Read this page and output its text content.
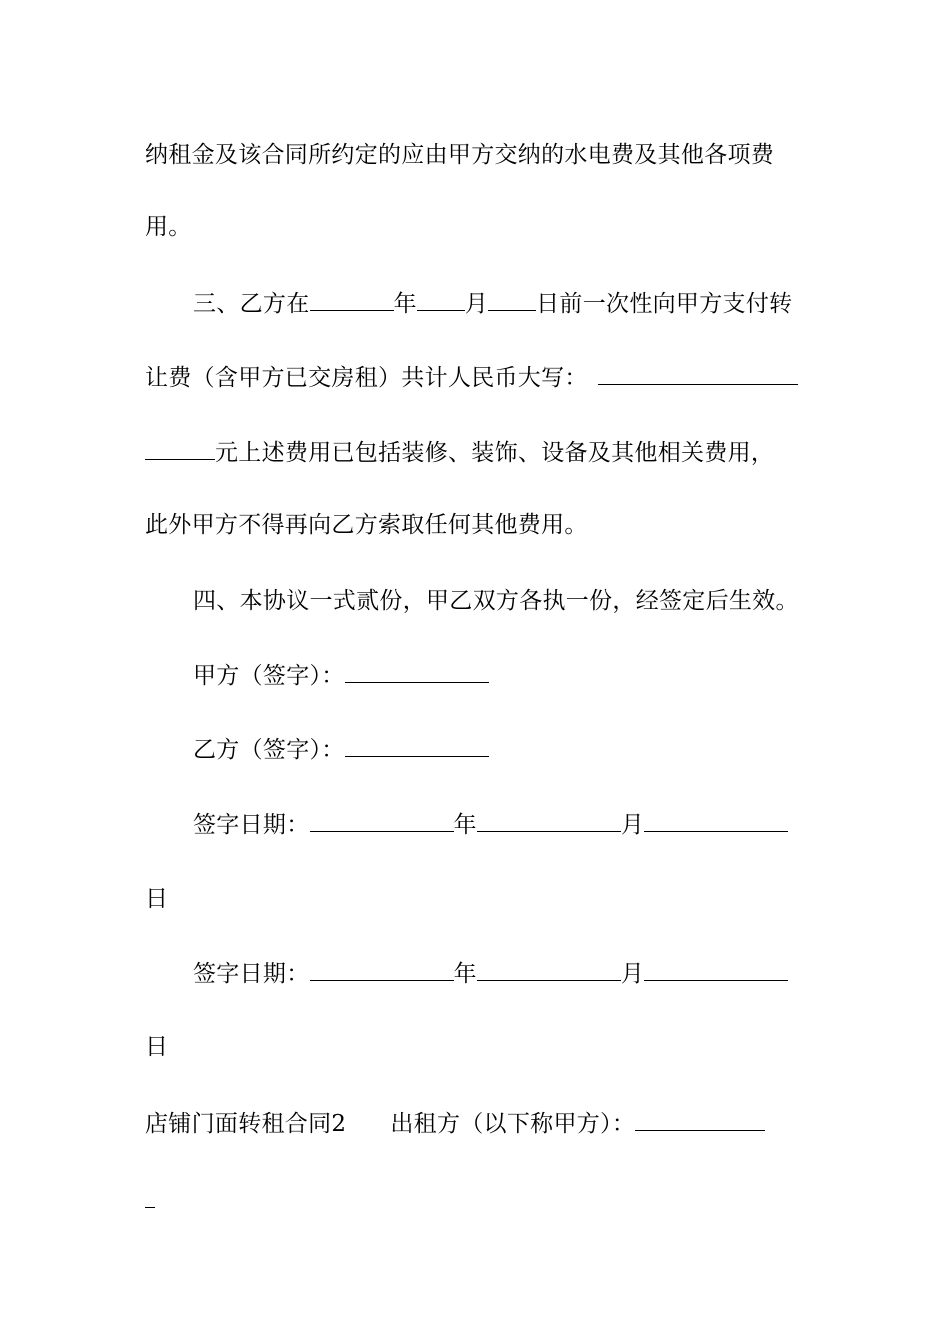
纳租金及该合同所约定的应由甲方交纳的水电费及其他各项费
用。
三、乙方在	年 月 日前一次性向甲方支付转
让费（含甲方已交房租）共计人民币大写：
元上述费用已包括装修、装饰、设备及其他相关费用，
此外甲方不得再向乙方索取任何其他费用。
四、本协议一式贰份，甲乙双方各执一份，经签定后生效。
甲方（签字）：
乙方（签字）：
签字日期：	年	月
日
签字日期：	年	月
日
店铺门面转租合同2 出租方（以下称甲方）：
